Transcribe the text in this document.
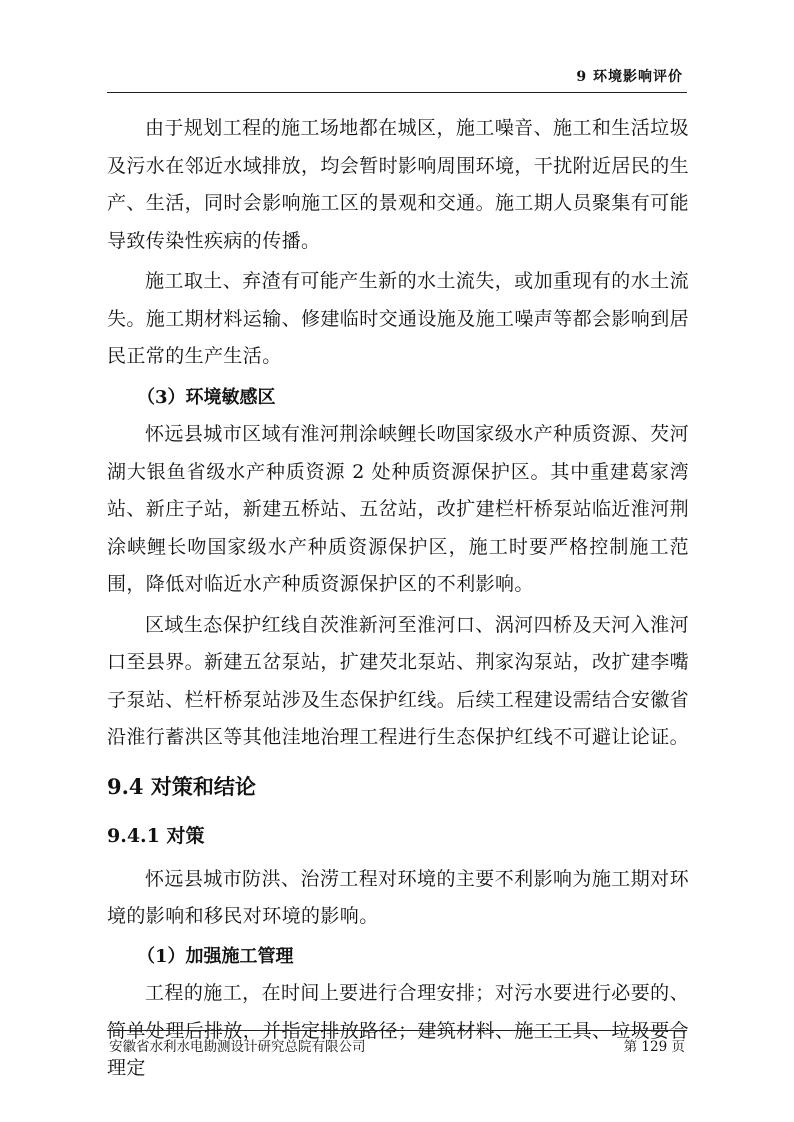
9 环境影响评价

由于规划工程的施工场地都在城区，施工噪音、施工和生活垃圾及污水在邻近水域排放，均会暂时影响周围环境，干扰附近居民的生产、生活，同时会影响施工区的景观和交通。施工期人员聚集有可能导致传染性疾病的传播。

施工取土、弃渣有可能产生新的水土流失，或加重现有的水土流失。施工期材料运输、修建临时交通设施及施工噪声等都会影响到居民正常的生产生活。

（3）环境敏感区

怀远县城市区域有淮河荆涂峡鲤长吻国家级水产种质资源、芡河湖大银鱼省级水产种质资源 2 处种质资源保护区。其中重建葛家湾站、新庄子站，新建五桥站、五岔站，改扩建栏杆桥泵站临近淮河荆涂峡鲤长吻国家级水产种质资源保护区，施工时要严格控制施工范围，降低对临近水产种质资源保护区的不利影响。

区域生态保护红线自茨淮新河至淮河口、涡河四桥及天河入淮河口至县界。新建五岔泵站，扩建芡北泵站、荆家沟泵站，改扩建李嘴子泵站、栏杆桥泵站涉及生态保护红线。后续工程建设需结合安徽省沿淮行蓄洪区等其他洼地治理工程进行生态保护红线不可避让论证。

9.4 对策和结论
9.4.1 对策

怀远县城市防洪、治涝工程对环境的主要不利影响为施工期对环境的影响和移民对环境的影响。

（1）加强施工管理

工程的施工，在时间上要进行合理安排；对污水要进行必要的、简单处理后排放，并指定排放路径；建筑材料、施工工具、垃圾要合理定

安徽省水利水电勘测设计研究总院有限公司	第 129 页
